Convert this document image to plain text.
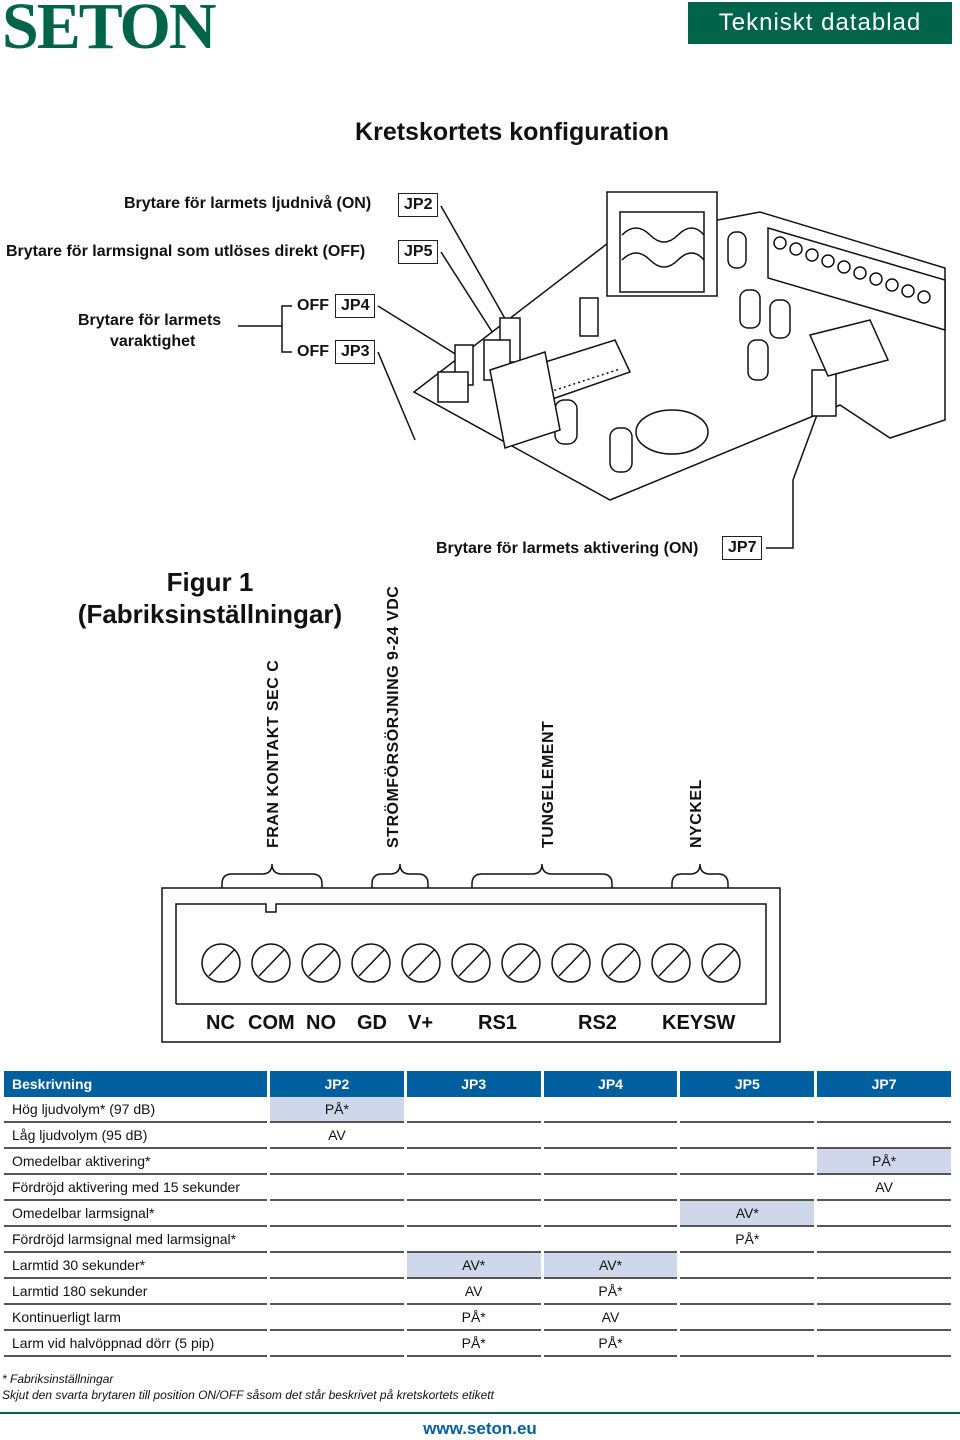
SETON	Tekniskt datablad
Kretskortets konfiguration
Brytare för larmets ljudnivå (ON)	JP2
Brytare för larmsignal som utlöses direkt (OFF)	JP5
Brytare för larmets
varaktighet
OFF JP4
OFF JP3
Brytare för larmets aktivering (ON)	JP7
Figur 1
(Fabriksinställningar)
FRAN KONTAKT SEC C	STRÖMFÖRSÖRJNING 9-24 VDC	TUNGELEMENT	NYCKEL
NC COM NO GD V+ RS1	RS2 KEYSW
Beskrivning	JP2	JP3	JP4	JP5	JP7
Hög ljudvolym* (97 dB)	PÅ*				
Låg ljudvolym (95 dB)	AV				
Omedelbar aktivering*					PÅ*
Fördröjd aktivering med 15 sekunder					AV
Omedelbar larmsignal*				AV*	
Fördröjd larmsignal med larmsignal*				PÅ*	
Larmtid 30 sekunder*		AV*	AV*		
Larmtid 180 sekunder		AV	PÅ*		
Kontinuerligt larm		PÅ*	AV		
Larm vid halvöppnad dörr (5 pip)		PÅ*	PÅ*		
* Fabriksinställningar
Skjut den svarta brytaren till position ON/OFF såsom det står beskrivet på kretskortets etikett
www.seton.eu
